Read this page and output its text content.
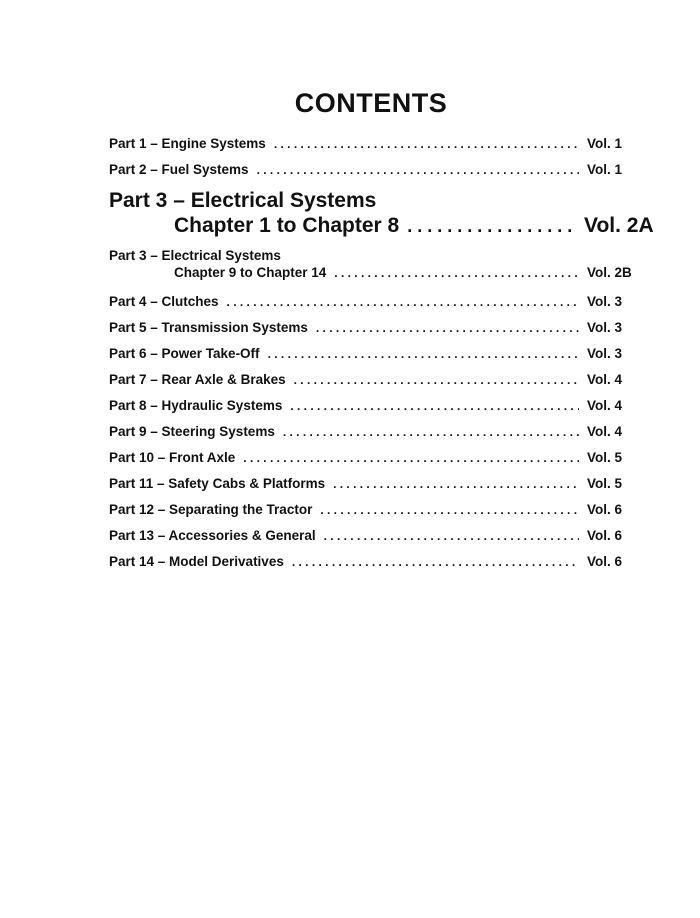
CONTENTS
Part 1 – Engine Systems . . .	Vol. 1
Part 2 – Fuel Systems . . .	Vol. 1
Part 3 – Electrical Systems
Chapter 1 to Chapter 8 . . .	Vol. 2A
Part 3 – Electrical Systems
Chapter 9 to Chapter 14 . . .	Vol. 2B
Part 4 – Clutches . . .	Vol. 3
Part 5 – Transmission Systems . . .	Vol. 3
Part 6 – Power Take-Off . . .	Vol. 3
Part 7 – Rear Axle & Brakes . . .	Vol. 4
Part 8 – Hydraulic Systems . . .	Vol. 4
Part 9 – Steering Systems . . .	Vol. 4
Part 10 – Front Axle . . .	Vol. 5
Part 11 – Safety Cabs & Platforms . . .	Vol. 5
Part 12 – Separating the Tractor . . .	Vol. 6
Part 13 – Accessories & General . . .	Vol. 6
Part 14 – Model Derivatives . . .	Vol. 6
